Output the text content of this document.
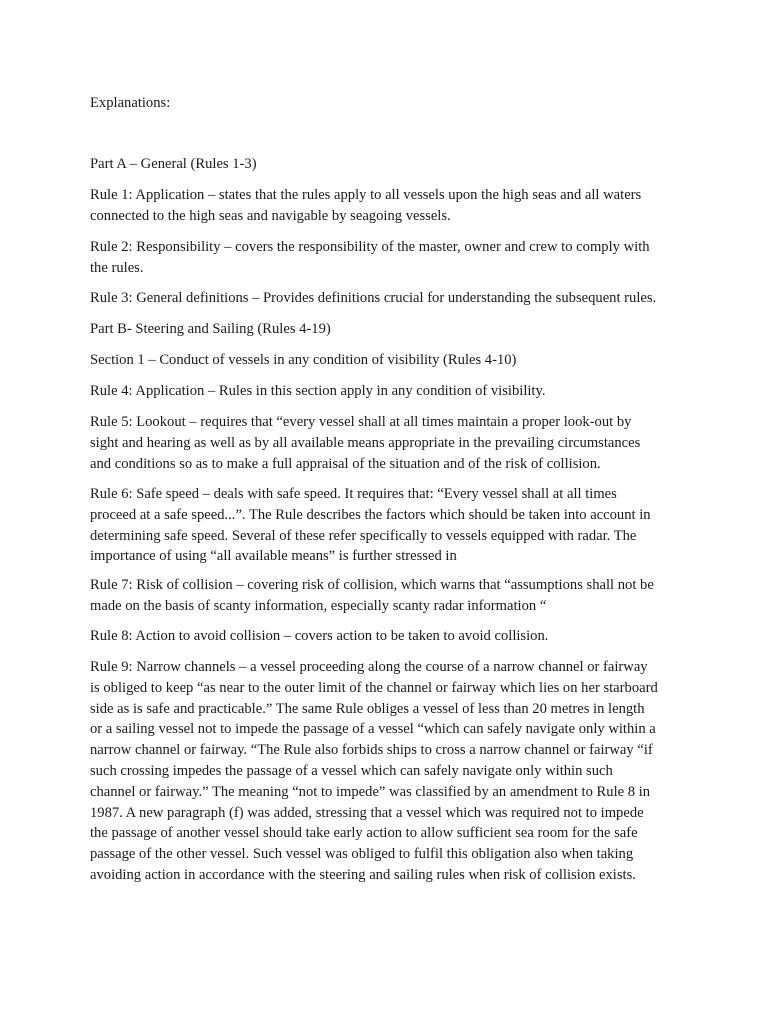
Explanations:

Part A – General (Rules 1-3)

Rule 1: Application – states that the rules apply to all vessels upon the high seas and all waters
connected to the high seas and navigable by seagoing vessels.

Rule 2: Responsibility – covers the responsibility of the master, owner and crew to comply with
the rules.

Rule 3: General definitions – Provides definitions crucial for understanding the subsequent rules.

Part B- Steering and Sailing (Rules 4-19)

Section 1 – Conduct of vessels in any condition of visibility (Rules 4-10)

Rule 4: Application – Rules in this section apply in any condition of visibility.

Rule 5: Lookout – requires that “every vessel shall at all times maintain a proper look-out by
sight and hearing as well as by all available means appropriate in the prevailing circumstances
and conditions so as to make a full appraisal of the situation and of the risk of collision.

Rule 6: Safe speed – deals with safe speed. It requires that: “Every vessel shall at all times
proceed at a safe speed...”. The Rule describes the factors which should be taken into account in
determining safe speed. Several of these refer specifically to vessels equipped with radar. The
importance of using “all available means” is further stressed in

Rule 7: Risk of collision – covering risk of collision, which warns that “assumptions shall not be
made on the basis of scanty information, especially scanty radar information “

Rule 8: Action to avoid collision – covers action to be taken to avoid collision.

Rule 9: Narrow channels – a vessel proceeding along the course of a narrow channel or fairway
is obliged to keep “as near to the outer limit of the channel or fairway which lies on her starboard
side as is safe and practicable.” The same Rule obliges a vessel of less than 20 metres in length
or a sailing vessel not to impede the passage of a vessel “which can safely navigate only within a
narrow channel or fairway. “The Rule also forbids ships to cross a narrow channel or fairway “if
such crossing impedes the passage of a vessel which can safely navigate only within such
channel or fairway.” The meaning “not to impede” was classified by an amendment to Rule 8 in
1987. A new paragraph (f) was added, stressing that a vessel which was required not to impede
the passage of another vessel should take early action to allow sufficient sea room for the safe
passage of the other vessel. Such vessel was obliged to fulfil this obligation also when taking
avoiding action in accordance with the steering and sailing rules when risk of collision exists.
